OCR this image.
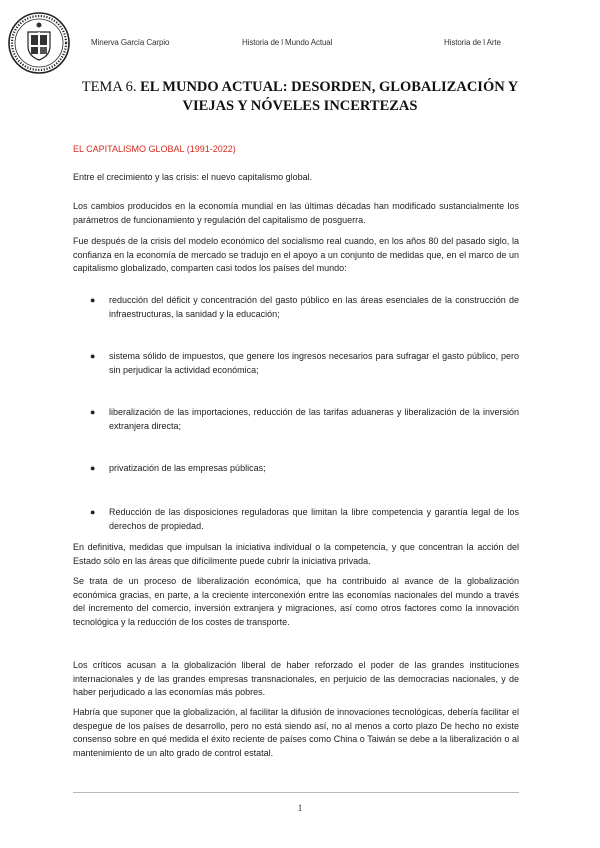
Minerva García Carpio	Historia de l Mundo Actual	Historia de l Arte
TEMA 6. EL MUNDO ACTUAL: DESORDEN, GLOBALIZACIÓN Y VIEJAS Y NÓVELES INCERTEZAS
EL CAPITALISMO GLOBAL (1991-2022)

Entre el crecimiento y las crisis: el nuevo capitalismo global.

Los cambios producidos en la economía mundial en las últimas décadas han modificado sustancialmente los parámetros de funcionamiento y regulación del capitalismo de posguerra.

Fue después de la crisis del modelo económico del socialismo real cuando, en los años 80 del pasado siglo, la confianza en la economía de mercado se tradujo en el apoyo a un conjunto de medidas que, en el marco de un capitalismo globalizado, comparten casi todos los países del mundo:

● reducción del déficit y concentración del gasto público en las áreas esenciales de la construcción de infraestructuras, la sanidad y la educación;
● sistema sólido de impuestos, que genere los ingresos necesarios para sufragar el gasto público, pero sin perjudicar la actividad económica;
● liberalización de las importaciones, reducción de las tarifas aduaneras y liberalización de la inversión extranjera directa;
● privatización de las empresas públicas;
● Reducción de las disposiciones reguladoras que limitan la libre competencia y garantía legal de los derechos de propiedad.

En definitiva, medidas que impulsan la iniciativa individual o la competencia, y que concentran la acción del Estado sólo en las áreas que difícilmente puede cubrir la iniciativa privada.

Se trata de un proceso de liberalización económica, que ha contribuido al avance de la globalización económica gracias, en parte, a la creciente interconexión entre las economías nacionales del mundo a través del incremento del comercio, inversión extranjera y migraciones, así como otros factores como la innovación tecnológica y la reducción de los costes de transporte.

Los críticos acusan a la globalización liberal de haber reforzado el poder de las grandes instituciones internacionales y de las grandes empresas transnacionales, en perjuicio de las democracias nacionales, y de haber perjudicado a las economías más pobres.

Habría que suponer que la globalización, al facilitar la difusión de innovaciones tecnológicas, debería facilitar el despegue de los países de desarrollo, pero no está siendo así, no al menos a corto plazo De hecho no existe consenso sobre en qué medida el éxito reciente de países como China o Taiwán se debe a la liberalización o al mantenimiento de un alto grado de control estatal.

1
